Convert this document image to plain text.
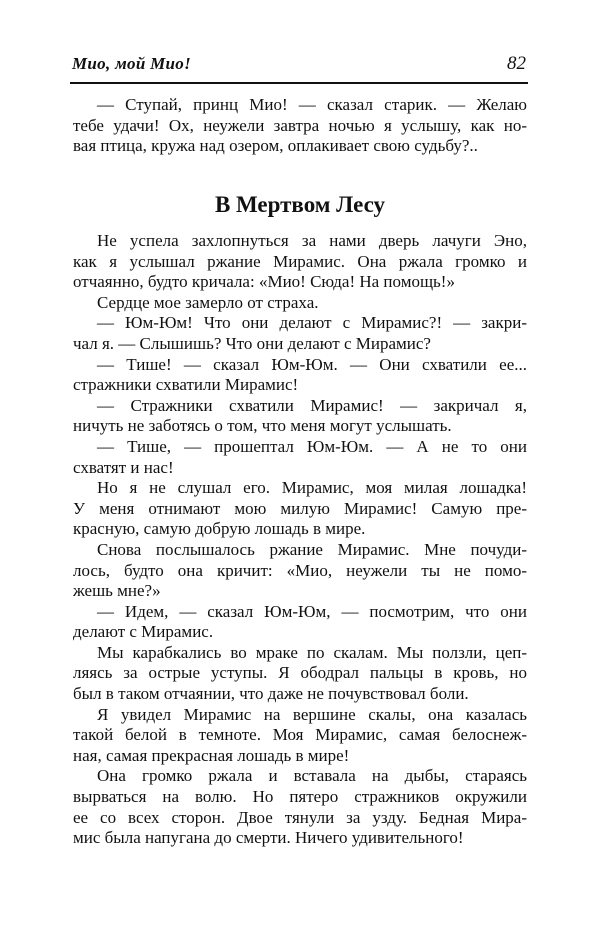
Мио, мой Мио!	82
— Ступай, принц Мио! — сказал старик. — Желаю
тебе удачи! Ох, неужели завтра ночью я услышу, как но-
вая птица, кружа над озером, оплакивает свою судьбу?..
В Мертвом Лесу
Не успела захлопнуться за нами дверь лачуги Эно,
как я услышал ржание Мирамис. Она ржала громко и
отчаянно, будто кричала: «Мио! Сюда! На помощь!»
Сердце мое замерло от страха.
— Юм-Юм! Что они делают с Мирамис?! — закри-
чал я. — Слышишь? Что они делают с Мирамис?
— Тише! — сказал Юм-Юм. — Они схватили ее...
стражники схватили Мирамис!
— Стражники схватили Мирамис! — закричал я,
ничуть не заботясь о том, что меня могут услышать.
— Тише, — прошептал Юм-Юм. — А не то они
схватят и нас!
Но я не слушал его. Мирамис, моя милая лошадка!
У меня отнимают мою милую Мирамис! Самую пре-
красную, самую добрую лошадь в мире.
Снова послышалось ржание Мирамис. Мне почуди-
лось, будто она кричит: «Мио, неужели ты не помо-
жешь мне?»
— Идем, — сказал Юм-Юм, — посмотрим, что они
делают с Мирамис.
Мы карабкались во мраке по скалам. Мы ползли, цеп-
ляясь за острые уступы. Я ободрал пальцы в кровь, но
был в таком отчаянии, что даже не почувствовал боли.
Я увидел Мирамис на вершине скалы, она казалась
такой белой в темноте. Моя Мирамис, самая белоснеж-
ная, самая прекрасная лошадь в мире!
Она громко ржала и вставала на дыбы, стараясь
вырваться на волю. Но пятеро стражников окружили
ее со всех сторон. Двое тянули за узду. Бедная Мира-
мис была напугана до смерти. Ничего удивительного!
